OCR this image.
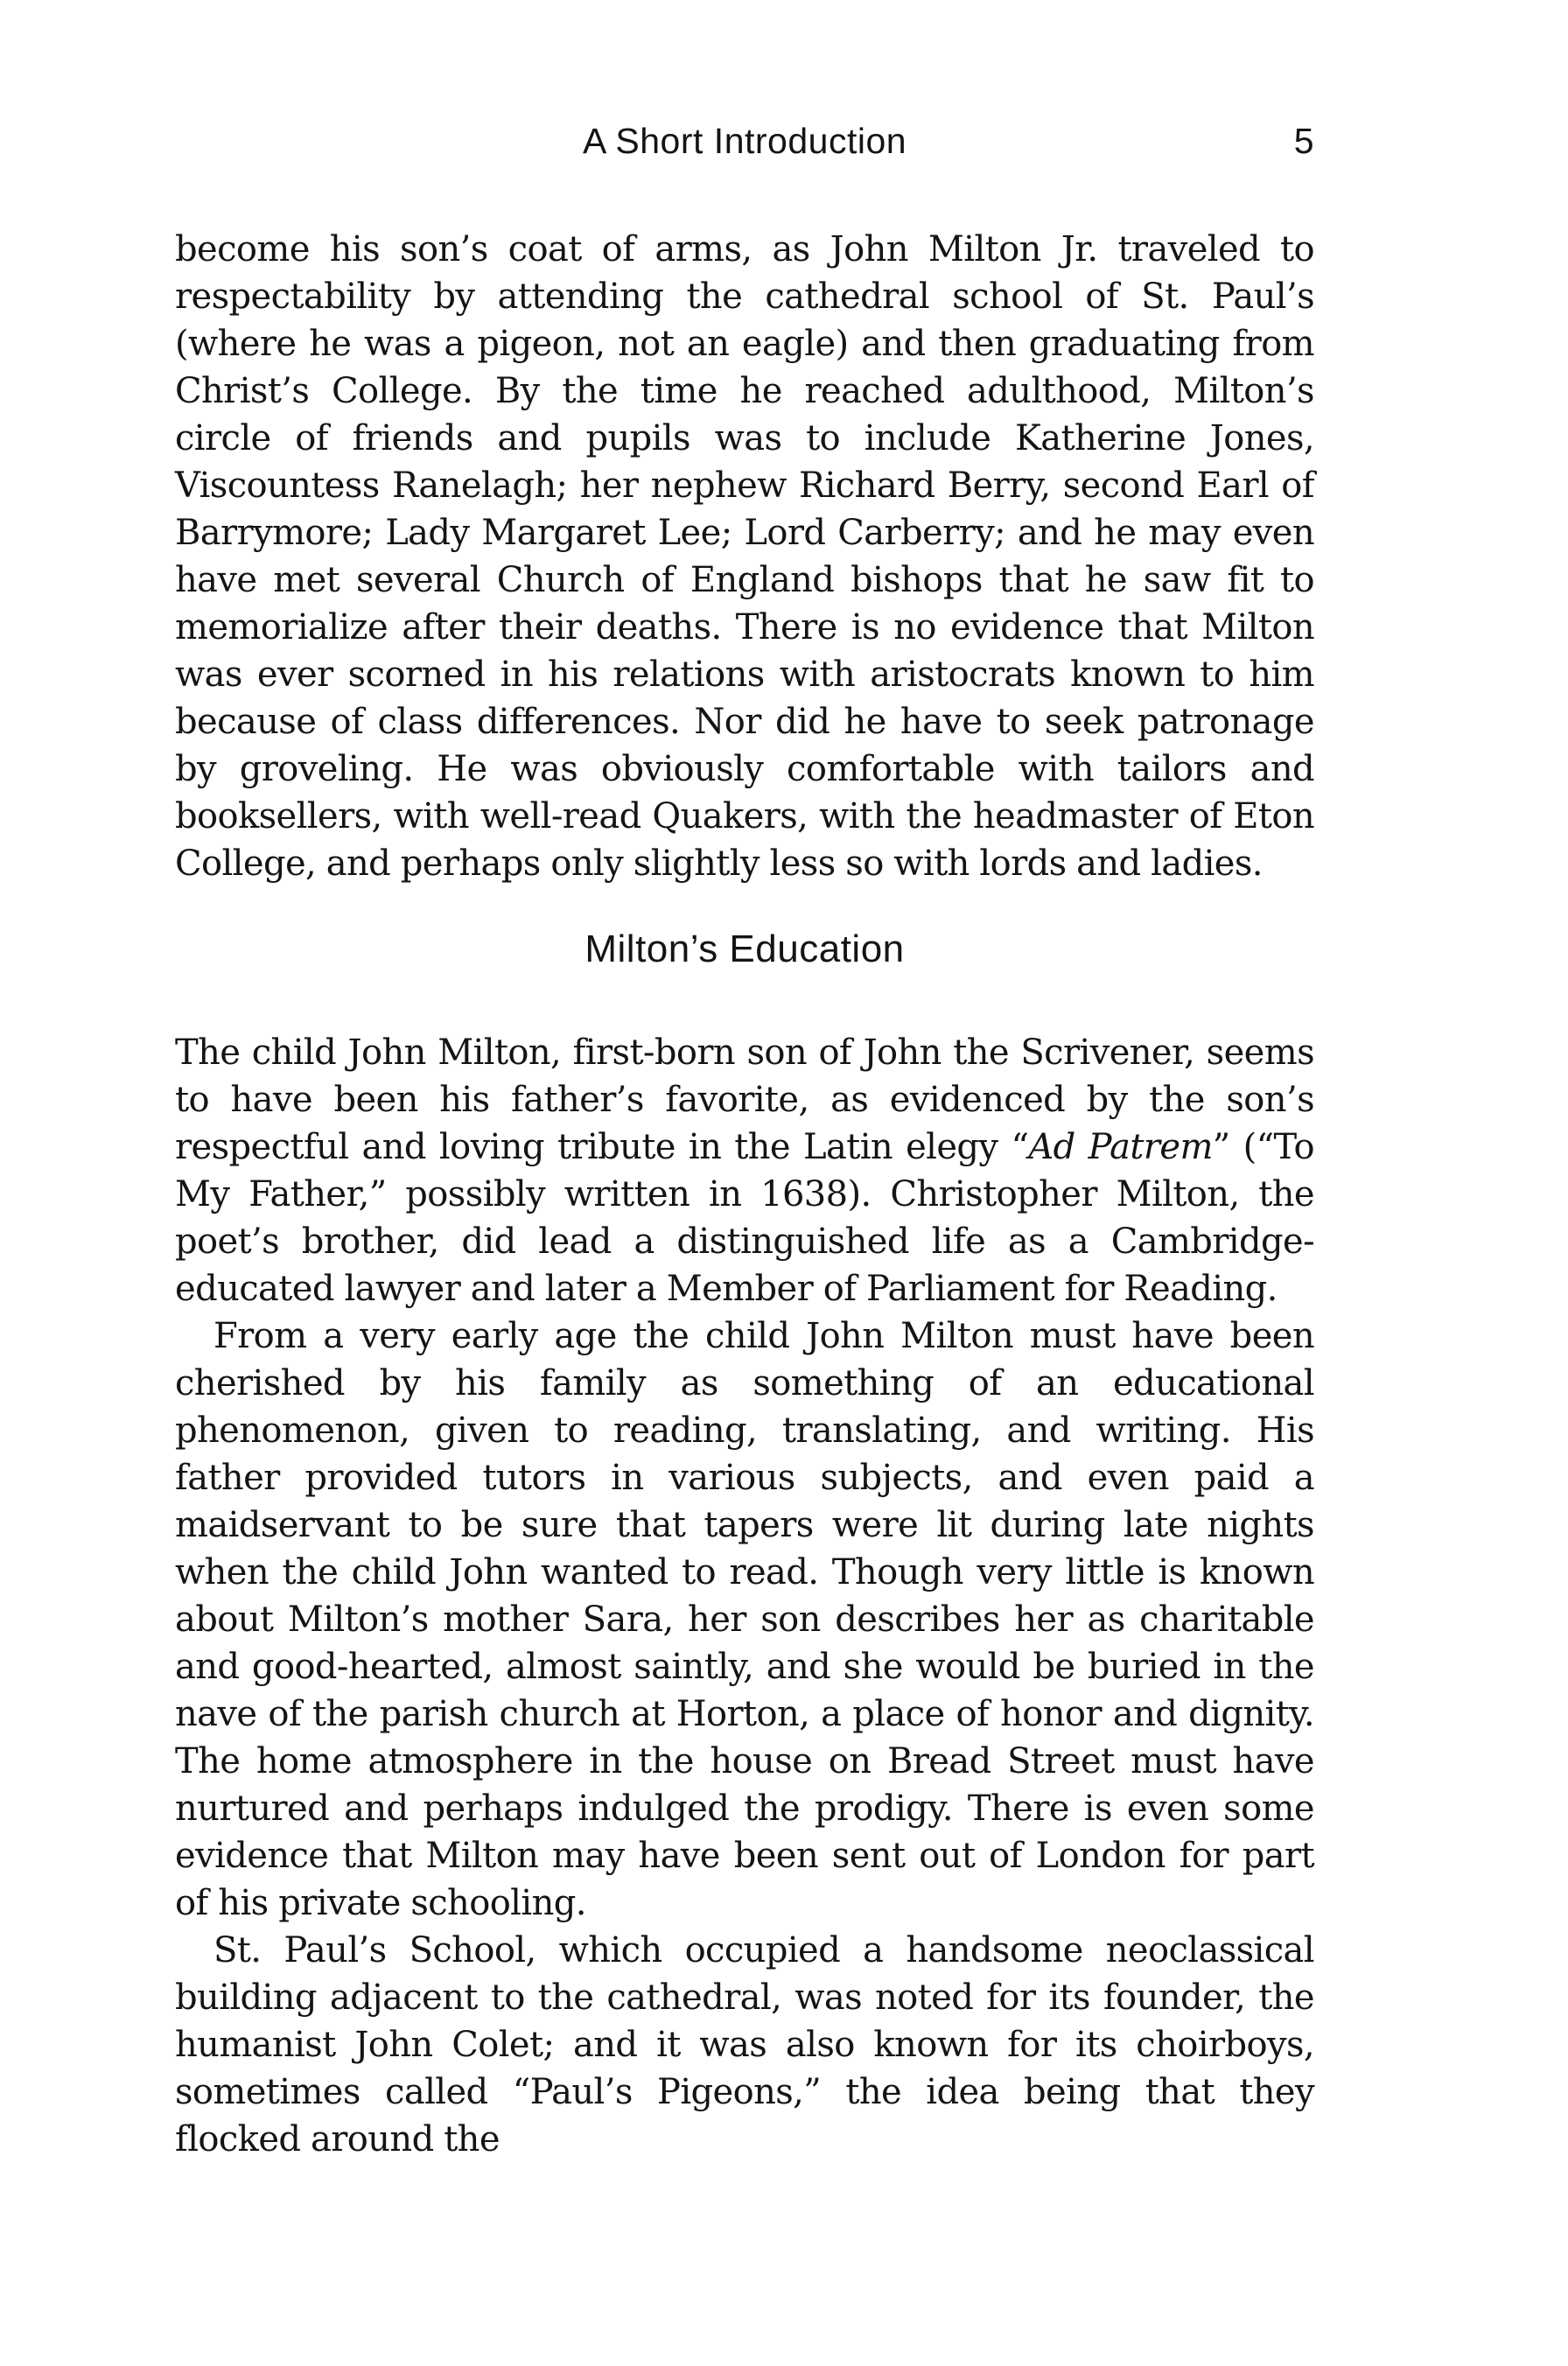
A Short Introduction	5

become his son’s coat of arms, as John Milton Jr. traveled to respectability by attending the cathedral school of St. Paul’s (where he was a pigeon, not an eagle) and then graduating from Christ’s College. By the time he reached adulthood, Milton’s circle of friends and pupils was to include Katherine Jones, Viscountess Ranelagh; her nephew Richard Berry, second Earl of Barrymore; Lady Margaret Lee; Lord Carberry; and he may even have met several Church of England bishops that he saw fit to memorialize after their deaths. There is no evidence that Milton was ever scorned in his relations with aristocrats known to him because of class differences. Nor did he have to seek patronage by groveling. He was obviously comfortable with tailors and booksellers, with well-read Quakers, with the headmaster of Eton College, and perhaps only slightly less so with lords and ladies.

Milton’s Education

The child John Milton, first-born son of John the Scrivener, seems to have been his father’s favorite, as evidenced by the son’s respectful and loving tribute in the Latin elegy “Ad Patrem” (“To My Father,” possibly written in 1638). Christopher Milton, the poet’s brother, did lead a distinguished life as a Cambridge-educated lawyer and later a Member of Parliament for Reading.

From a very early age the child John Milton must have been cherished by his family as something of an educational phenomenon, given to reading, translating, and writing. His father provided tutors in various subjects, and even paid a maidservant to be sure that tapers were lit during late nights when the child John wanted to read. Though very little is known about Milton’s mother Sara, her son describes her as charitable and good-hearted, almost saintly, and she would be buried in the nave of the parish church at Horton, a place of honor and dignity. The home atmosphere in the house on Bread Street must have nurtured and perhaps indulged the prodigy. There is even some evidence that Milton may have been sent out of London for part of his private schooling.

St. Paul’s School, which occupied a handsome neoclassical building adjacent to the cathedral, was noted for its founder, the humanist John Colet; and it was also known for its choirboys, sometimes called “Paul’s Pigeons,” the idea being that they flocked around the
